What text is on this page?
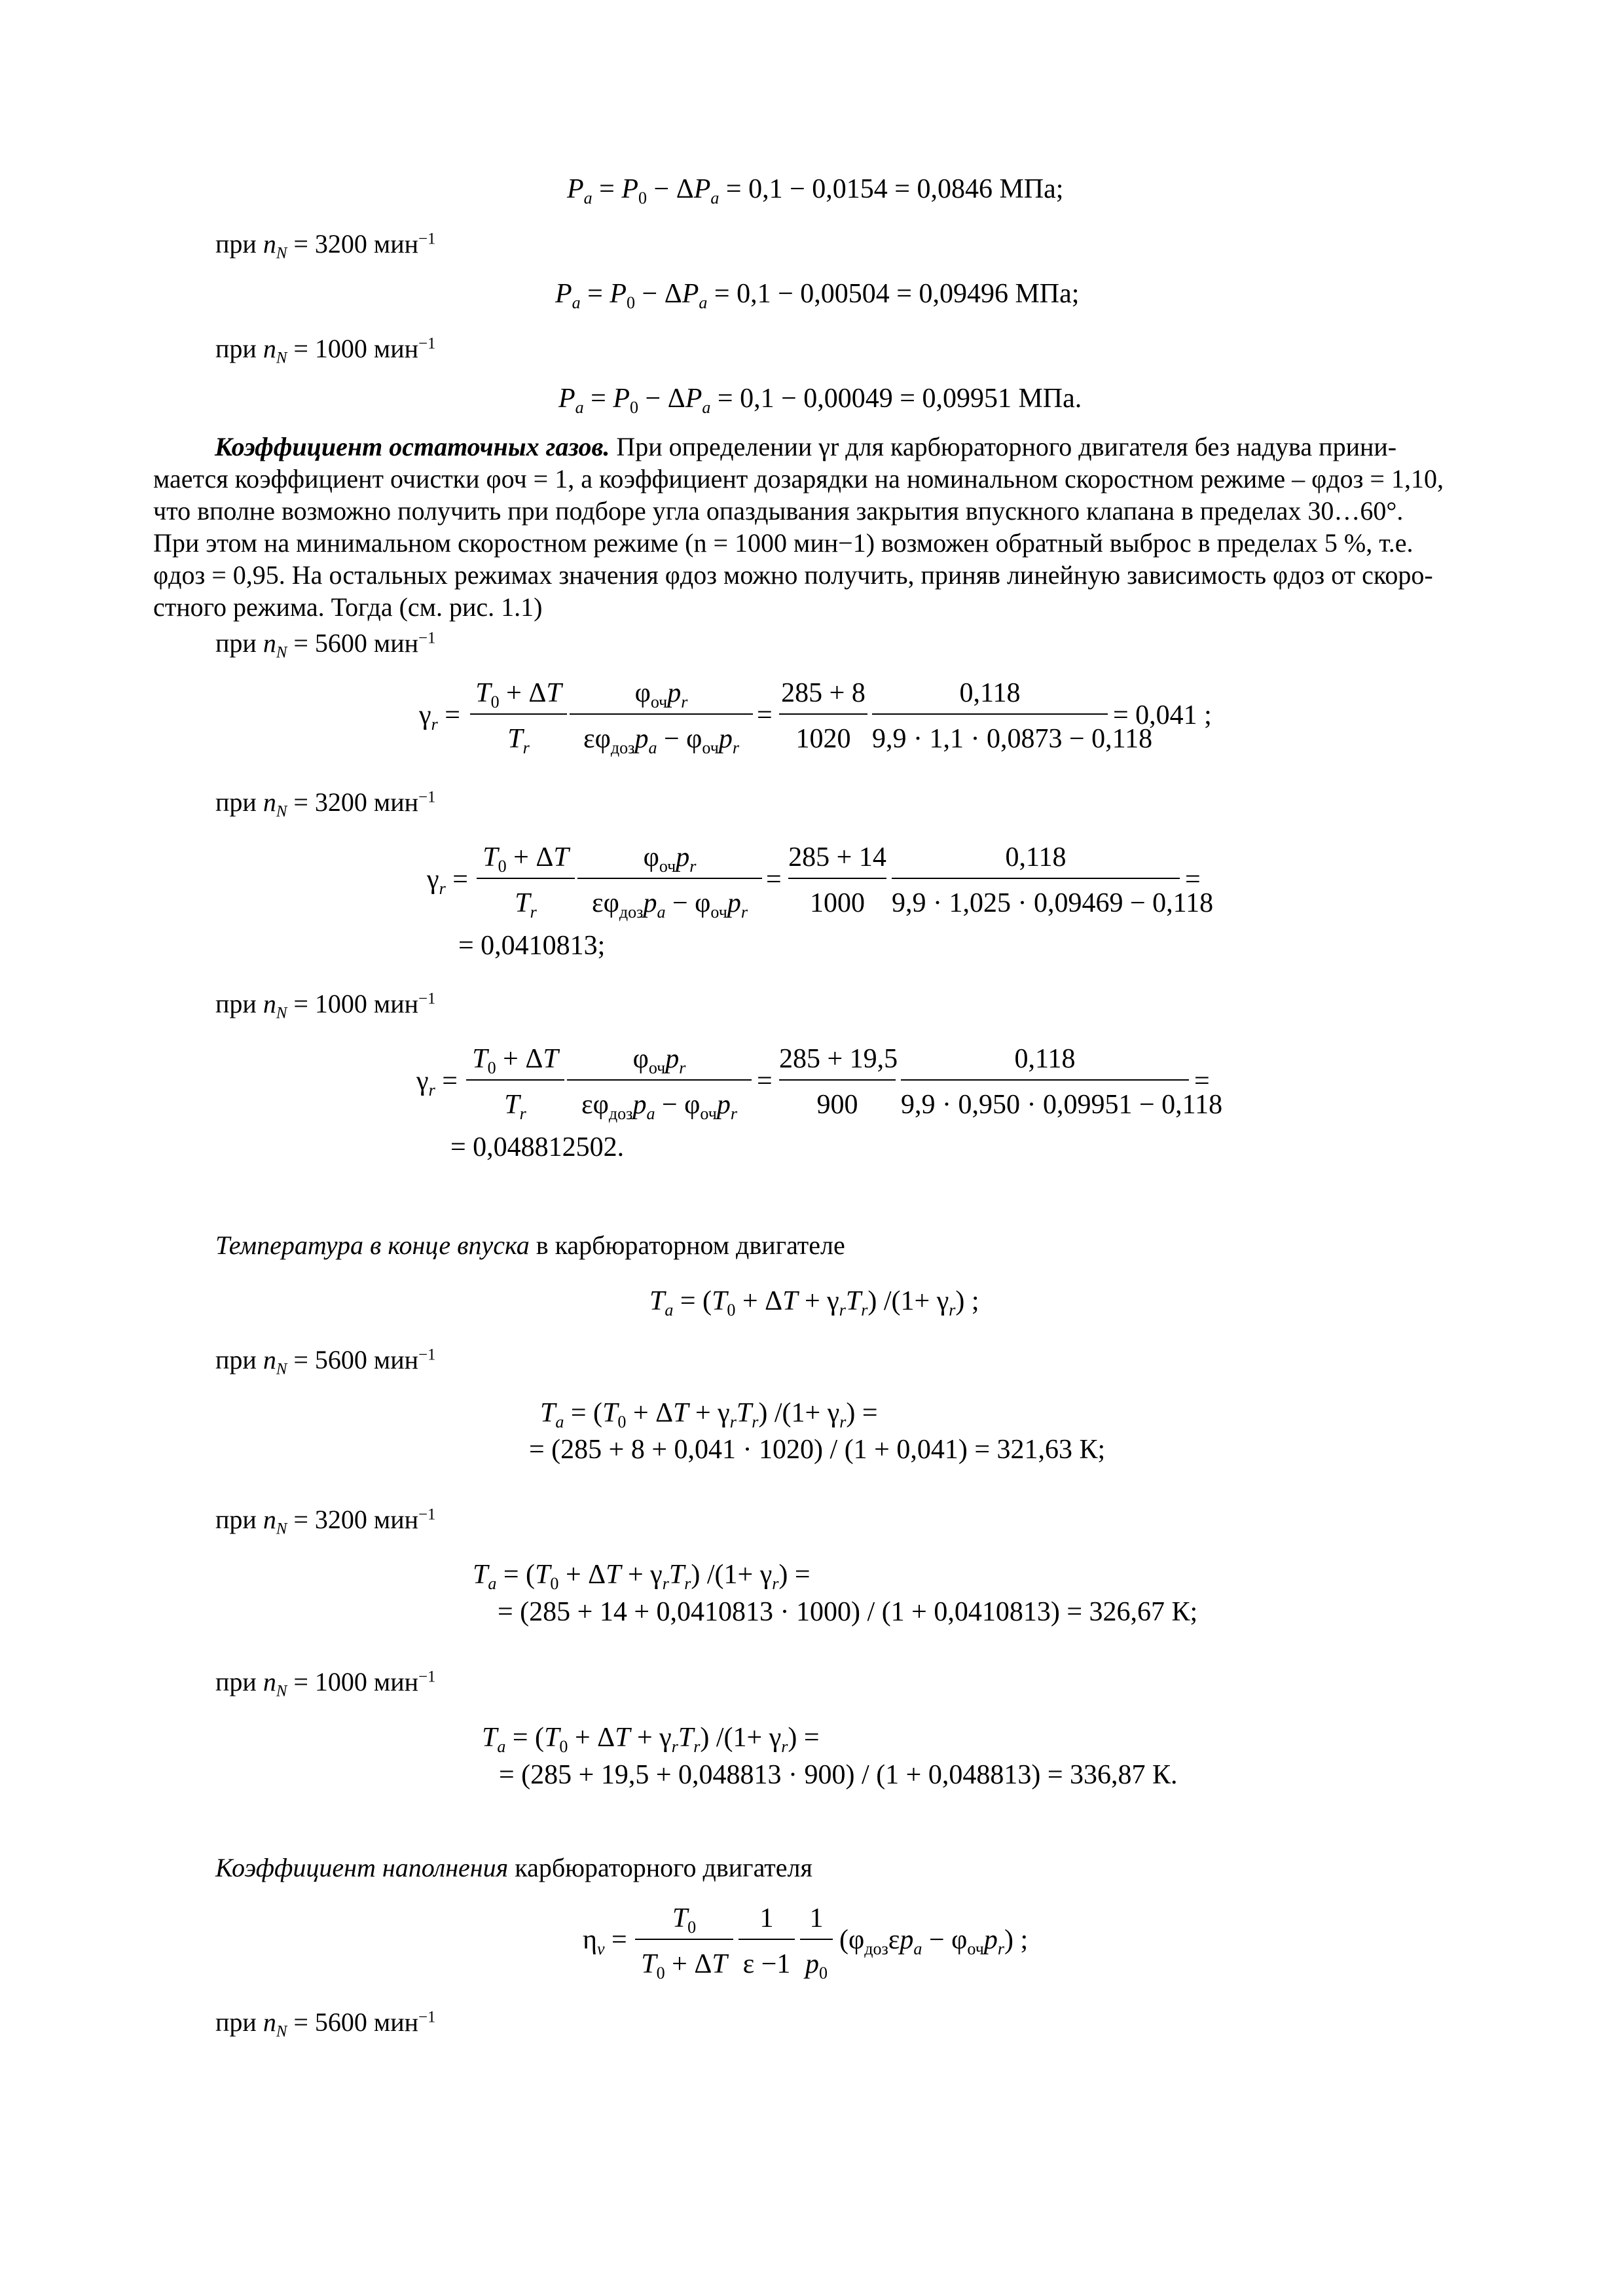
$P_a = P_0 - \Delta P_a = 0,1 - 0,0154 = 0,0846$ МПа;
при $n_N = 3200$ мин$^{-1}$
$P_a = P_0 - \Delta P_a = 0,1 - 0,00504 = 0,09496$ МПа;
при $n_N = 1000$ мин$^{-1}$
$P_a = P_0 - \Delta P_a = 0,1 - 0,00049 = 0,09951$ МПа.
Коэффициент остаточных газов. При определении γr для карбюраторного двигателя без надува прини-
мается коэффициент очистки φоч = 1, а коэффициент дозарядки на номинальном скоростном режиме – φдоз = 1,10,
что вполне возможно получить при подборе угла опаздывания закрытия впускного клапана в пределах 30…60°.
При этом на минимальном скоростном режиме (n = 1000 мин−1) возможен обратный выброс в пределах 5 %, т.е.
φдоз = 0,95. На остальных режимах значения φдоз можно получить, приняв линейную зависимость φдоз от скоро-
стного режима. Тогда (см. рис. 1.1)
при $n_N = 5600$ мин$^{-1}$
$\gamma_r$ =
$T_0 + \Delta T$
$T_r$
$\varphi_{оч}p_r$
$\varepsilon\varphi_{доз}p_a - \varphi_{оч}p_r$
=
285 + 8
1020
0,118
9,9 · 1,1 · 0,0873 − 0,118
= 0,041 ;
при $n_N = 3200$ мин$^{-1}$
$\gamma_r$ =
$T_0 + \Delta T$
$T_r$
$\varphi_{оч}p_r$
$\varepsilon\varphi_{доз}p_a - \varphi_{оч}p_r$
=
285 + 14
1000
0,118
9,9 · 1,025 · 0,09469 − 0,118
=
= 0,0410813;
при $n_N = 1000$ мин$^{-1}$
$\gamma_r$ =
$T_0 + \Delta T$
$T_r$
$\varphi_{оч}p_r$
$\varepsilon\varphi_{доз}p_a - \varphi_{оч}p_r$
=
285 + 19,5
900
0,118
9,9 · 0,950 · 0,09951 − 0,118
=
= 0,048812502.
Температура в конце впуска в карбюраторном двигателе
$T_a = (T_0 + \Delta T + \gamma_rT_r)$ $/(1+ \gamma_r)$ ;
при $n_N = 5600$ мин$^{-1}$
$T_a = (T_0 + \Delta T + \gamma_rT_r)$ $/(1+ \gamma_r)$ =
= (285 + 8 + 0,041 · 1020) / (1 + 0,041) = 321,63 К;
при $n_N = 3200$ мин$^{-1}$
$T_a = (T_0 + \Delta T + \gamma_rT_r)$ $/(1+ \gamma_r)$ =
= (285 + 14 + 0,0410813 · 1000) / (1 + 0,0410813) = 326,67 К;
при $n_N = 1000$ мин$^{-1}$
$T_a = (T_0 + \Delta T + \gamma_rT_r)$ $/(1+ \gamma_r)$ =
= (285 + 19,5 + 0,048813 · 900) / (1 + 0,048813) = 336,87 К.
Коэффициент наполнения карбюраторного двигателя
$\eta_v$ =
$T_0$
$T_0 + \Delta T$
1
ε −1
1
$p_0$
$(\varphi_{доз}\varepsilon p_a - \varphi_{оч}p_r)$ ;
при $n_N = 5600$ мин$^{-1}$
